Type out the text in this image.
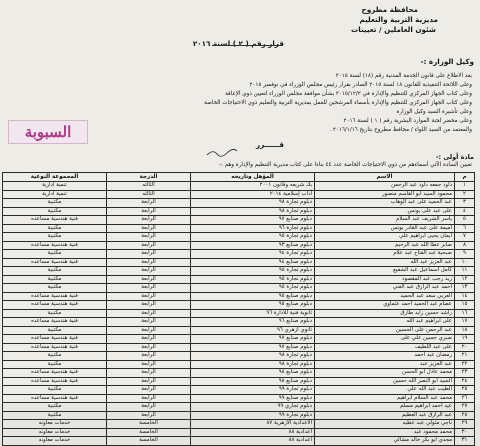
محافظة مطروح
مديرية التربية والتعليم
شئون العاملين / تعيينات
قرار رقم ( ٢ ) لسنة ٢٠١٦
وكيل الوزارة :-
بعد الاطلاع على قانون الخدمة المدنية رقم (١٨) لسنة ٢٠١٥
وعلى اللائحة التنفيذية للقانون ١٨ لسنة ٢٠١٥ الصادر بقرار رئيس مجلس الوزراء في نوفمبر ٢٠١٥
وعلى كتاب الجهاز المركزي للتنظيم والإدارة في ٢٠١٥/١٢/٢ بشأن موافقة مجلس الوزراء لتعيين ذوي الإعاقة
وعلى كتاب الجهاز المركزي للتنظيم والإدارة بأسماء المرشحين للعمل بمديرية التربية والتعليم ذوي الاحتياجات الخاصة
وعلى تأشيرة السيد وكيل الوزارة
وعلى محضر لجنة الموارد البشرية رقم ( ١ ) لسنة ٢٠١٦
والمعتمد من السيد اللواء / محافظ مطروح بتاريخ ٢٠١٦/١/١٦ .
السبوبة
قــــــرر
مادة أولى :-
تعيين السادة الآتي أسماءهم من ذوي الاحتياجات الخاصة عدد ٤٤ بناءا على كتاب مديرية التنظيم والإدارة وهم :-
م	الاسم	المؤهل وتاريخه	الدرجة	المجموعة النوعية
١	داود جمعه داود عبد الرحمن	بك شريعه وقانون ٢٠٠١	الثالثه	تنمية ادارية
٢	محمود السيد ابو القاسم منصور	أداب إسلامية ٢٠١٤	الثالثه	تنمية ادارية
٣	عبد الحميد على عبد الوهاب	دبلوم تجارة ٩٨	الرابعة	مكتبية
٤	على عبد على يونس	دبلوم تجارة ٩٨	الرابعة	مكتبية
٥	ياسر الشريف عبد السلام	دبلوم صنايع ٩٧	الرابعة	فنية هندسية مساعده
٦	اميمة على عبد القادر يونس	دبلوم تجارة ٩٦	الرابعة	مكتبية
٧	ايمان يحيى ابراهيم علي	دبلوم تجارة ٩٥	الرابعة	مكتبية
٨	صابر عطا الله عبد الرحيم	دبلوم صنايع ٩٣	الرابعة	فنية هندسية مساعده
٩	صبحية عبد الفتاح عبد علام	دبلوم تجارة ٩٤	الرابعة	مكتبية
١٠	عبد العزيز عبد الله	دبلوم صنايع ٩٤	الرابعة	فنية هندسية مساعده
١١	كامل اسماعيل عبد الشفيع	دبلوم تجارة ٩٥	الرابعة	مكتبية
١٢	زيد رجب عبد المقصود	دبلوم تجارة ٩٥	الرابعة	مكتبية
١٣	احمد عبد الرازق عبد الغني	دبلوم تجارة ٩٥	الرابعة	مكتبية
١٤	العربي سعد عبد الحميد	دبلوم صنايع ٩٥	الرابعة	فنية هندسية مساعده
١٥	عصام عبد الحميد احمد عثماوي	دبلوم صنايع ٩٥	الرابعة	فنية هندسية مساعده
١٦	راشد حسين زايد طارق	ثانوية فنية للادارة ٩٦	الرابعة	مكتبية
١٧	على ابراهيم عبد الله	دبلوم صنايع ٩٦	الرابعة	فنية هندسية مساعده
١٨	عبد الرحمن على الحسين	ثانوي ازهري ٩٦	الرابعة	مكتبية
١٩	صبري حسين علي على	دبلوم صنايع ٩٧	الرابعة	فنية هندسية مساعده
٢٠	على عبد اللطيف	دبلوم صنايع ٩٧	الرابعة	فنية هندسية مساعده
٢١	رمضان عبد احمد	دبلوم تجارة ٩٨	الرابعة	مكتبية
٢٢	عبد العزيز عبد	دبلوم تجارة ٩٨	الرابعة	مكتبية
٢٣	محمد عادل ابو الحسن	دبلوم صنايع ٩٨	الرابعة	فنية هندسية مساعده
٢٤	السيد ابو النصر الله حسين	دبلوم صنايع ٩٨	الرابعة	فنية هندسية مساعده
٢٥	الطيب عبد الله علي	دبلوم تجارة ٩٩	الرابعة	مكتبية
٢٦	محمد عبد السلام ابراهيم	دبلوم صنايع ٩٩	الرابعة	فنية هندسية مساعده
٢٧	عيد احمد ابراهيم مسلم	دبلوم تجاري ٩٩	الرابعة	مكتبية
٢٨	عبد الرازق عبد العظيم	دبلوم تجارة ٩٩	الرابعة	مكتبية
٢٩	ناجي متولي عبد عطيه	الاعدادية الازهرية ٨٧	الخامسة	خدمات معاونه
٣٠	محمد محمود عبد	اعدادية ٨٨	الخامسة	خدمات معاونه
٣١	مجدي ابو بكر خالد مشالي	اعدادية ٨٨	الخامسة	خدمات معاونه
